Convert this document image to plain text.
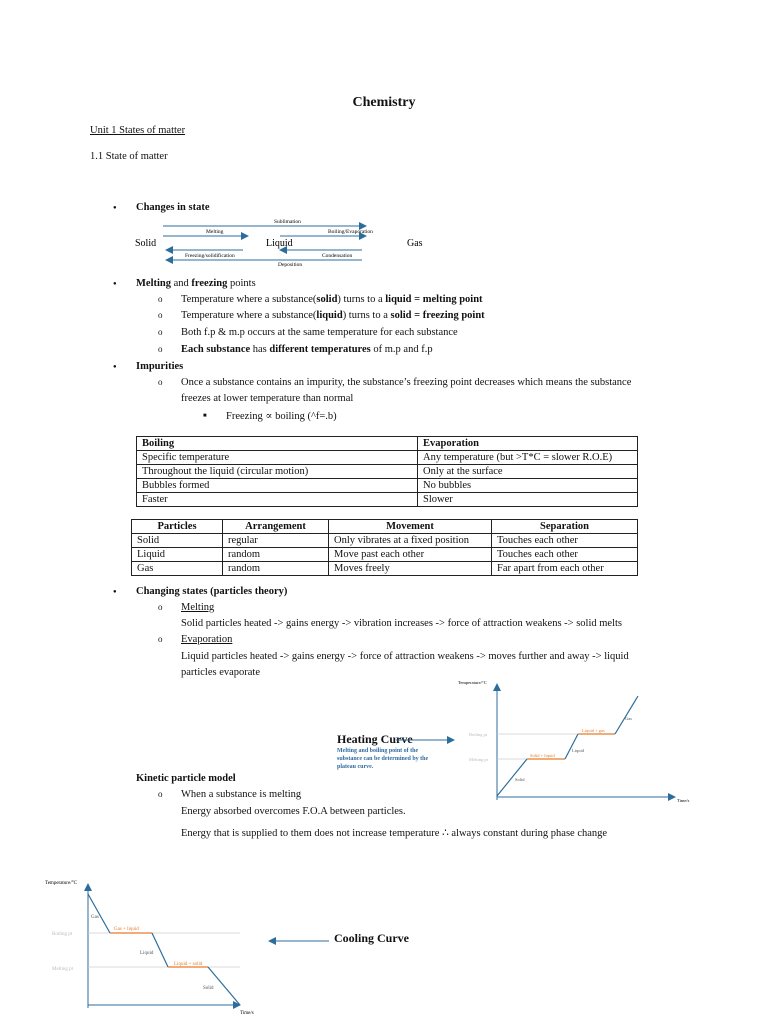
Chemistry
Unit 1 States of matter
1.1 State of matter
● Changes in state
Sublimation
Melting	Boiling/Evaporation
Solid	Liquid	Gas
Freezing/solidification	Condensation
Deposition
● Melting and freezing points
o Temperature where a substance(solid) turns to a liquid = melting point
o Temperature where a substance(liquid) turns to a solid = freezing point
o Both f.p & m.p occurs at the same temperature for each substance
o Each substance has different temperatures of m.p and f.p
● Impurities
o Once a substance contains an impurity, the substance’s freezing point decreases which means the substance
freezes at lower temperature than normal
■ Freezing ∝ boiling (^f=.b)
Boiling	Evaporation
Specific temperature	Any temperature (but >T*C = slower R.O.E)
Throughout the liquid (circular motion)	Only at the surface
Bubbles formed	No bubbles
Faster	Slower
Particles	Arrangement	Movement	Separation
Solid	regular	Only vibrates at a fixed position	Touches each other
Liquid	random	Move past each other	Touches each other
Gas	random	Moves freely	Far apart from each other
● Changing states (particles theory)
o Melting
Solid particles heated -> gains energy -> vibration increases -> force of attraction weakens -> solid melts
o Evaporation
Liquid particles heated -> gains energy -> force of attraction weakens -> moves further and away -> liquid
particles evaporate
Heating Curve
Melting and boiling point of the substance can be determined by the plateau curve.
Temperature/°C
Time/s
Boiling pt
Melting pt
Solid
Solid + liquid
Liquid
Liquid + gas
Gas
Kinetic particle model
o When a substance is melting
Energy absorbed overcomes F.O.A between particles.
Energy that is supplied to them does not increase temperature ∴ always constant during phase change
Temperature/°C
Time/s
Boiling pt
Melting pt
Gas
Gas + liquid
Liquid
Liquid + solid
Solid
Cooling Curve
